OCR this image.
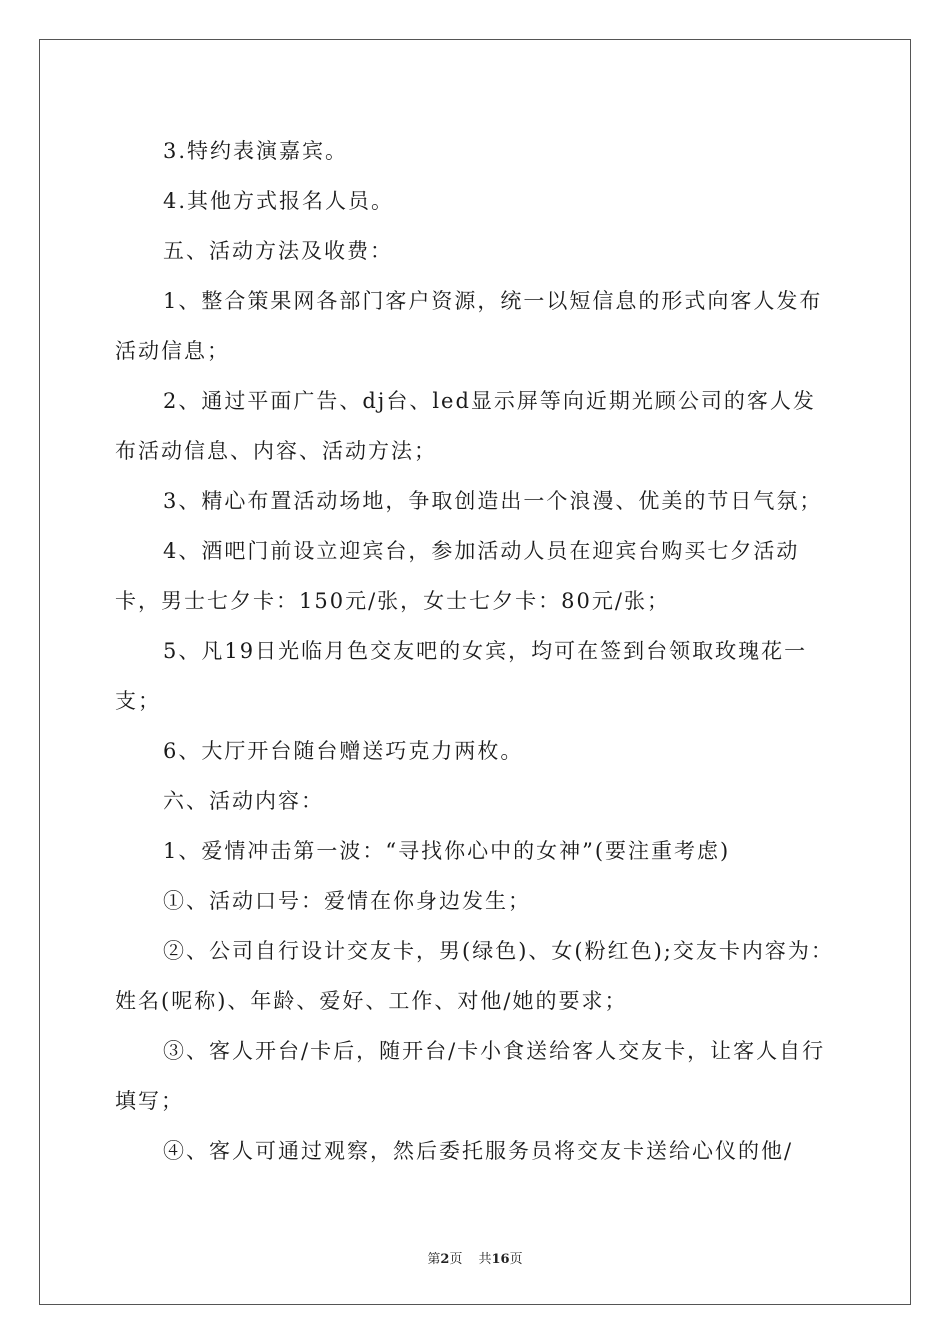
3.特约表演嘉宾。

4.其他方式报名人员。

五、活动方法及收费：

1、整合策果网各部门客户资源，统一以短信息的形式向客人发布活动信息；

2、通过平面广告、dj台、led显示屏等向近期光顾公司的客人发布活动信息、内容、活动方法；

3、精心布置活动场地，争取创造出一个浪漫、优美的节日气氛；

4、酒吧门前设立迎宾台，参加活动人员在迎宾台购买七夕活动卡，男士七夕卡：150元/张，女士七夕卡：80元/张；

5、凡19日光临月色交友吧的女宾，均可在签到台领取玫瑰花一支；

6、大厅开台随台赠送巧克力两枚。

六、活动内容：

1、爱情冲击第一波：“寻找你心中的女神”(要注重考虑)

①、活动口号：爱情在你身边发生；

②、公司自行设计交友卡，男(绿色)、女(粉红色);交友卡内容为：姓名(呢称)、年龄、爱好、工作、对他/她的要求；

③、客人开台/卡后，随开台/卡小食送给客人交友卡，让客人自行填写；

④、客人可通过观察，然后委托服务员将交友卡送给心仪的他/

第2页 共16页
